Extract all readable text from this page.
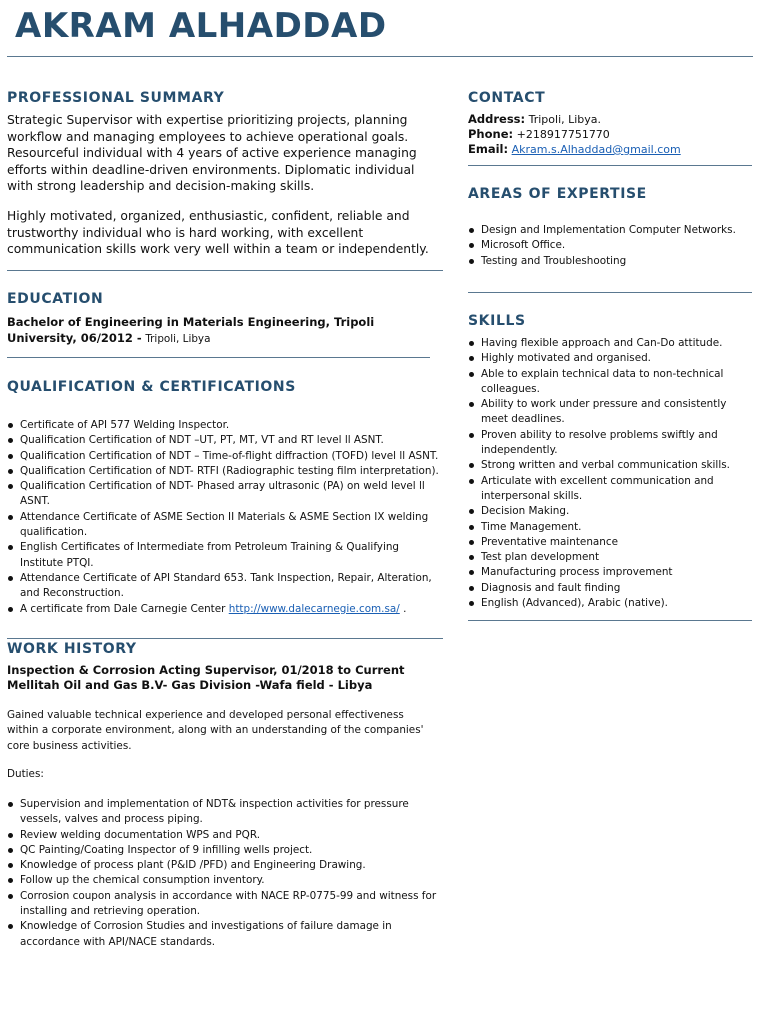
AKRAM ALHADDAD
PROFESSIONAL SUMMARY
Strategic Supervisor with expertise prioritizing projects, planning workflow and managing employees to achieve operational goals. Resourceful individual with 4 years of active experience managing efforts within deadline-driven environments. Diplomatic individual with strong leadership and decision-making skills.
Highly motivated, organized, enthusiastic, confident, reliable and trustworthy individual who is hard working, with excellent communication skills work very well within a team or independently.
EDUCATION
Bachelor of Engineering in Materials Engineering, Tripoli University, 06/2012 - Tripoli, Libya
QUALIFICATION & CERTIFICATIONS
Certificate of API 577 Welding Inspector.
Qualification Certification of NDT –UT, PT, MT, VT and RT level ll ASNT.
Qualification Certification of NDT – Time-of-flight diffraction (TOFD) level ll ASNT.
Qualification Certification of NDT- RTFI (Radiographic testing film interpretation).
Qualification Certification of NDT- Phased array ultrasonic (PA) on weld level ll ASNT.
Attendance Certificate of ASME Section II Materials & ASME Section IX welding qualification.
English Certificates of Intermediate from Petroleum Training & Qualifying Institute PTQI.
Attendance Certificate of API Standard 653. Tank Inspection, Repair, Alteration, and Reconstruction.
A certificate from Dale Carnegie Center http://www.dalecarnegie.com.sa/ .
WORK HISTORY
Inspection & Corrosion Acting Supervisor, 01/2018 to Current
Mellitah Oil and Gas B.V- Gas Division -Wafa field - Libya
Gained valuable technical experience and developed personal effectiveness within a corporate environment, along with an understanding of the companies' core business activities.
Duties:
Supervision and implementation of NDT& inspection activities for pressure vessels, valves and process piping.
Review welding documentation WPS and PQR.
QC Painting/Coating Inspector of 9 infilling wells project.
Knowledge of process plant (P&ID /PFD) and Engineering Drawing.
Follow up the chemical consumption inventory.
Corrosion coupon analysis in accordance with NACE RP-0775-99 and witness for installing and retrieving operation.
Knowledge of Corrosion Studies and investigations of failure damage in accordance with API/NACE standards.
CONTACT
Address: Tripoli, Libya.
Phone: +218917751770
Email: Akram.s.Alhaddad@gmail.com
AREAS OF EXPERTISE
Design and Implementation Computer Networks.
Microsoft Office.
Testing and Troubleshooting
SKILLS
Having flexible approach and Can-Do attitude.
Highly motivated and organised.
Able to explain technical data to non-technical colleagues.
Ability to work under pressure and consistently meet deadlines.
Proven ability to resolve problems swiftly and independently.
Strong written and verbal communication skills.
Articulate with excellent communication and interpersonal skills.
Decision Making.
Time Management.
Preventative maintenance
Test plan development
Manufacturing process improvement
Diagnosis and fault finding
English (Advanced), Arabic (native).
